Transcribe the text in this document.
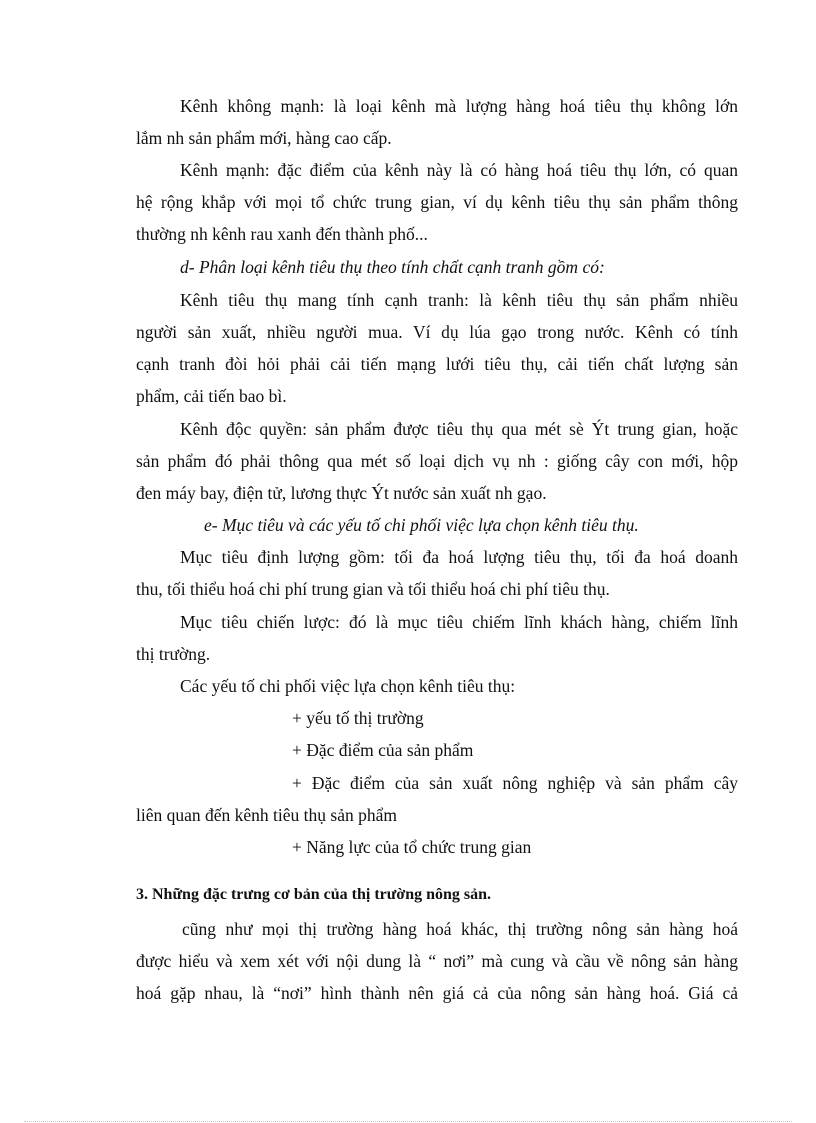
Kênh không mạnh: là loại kênh mà lượng hàng hoá tiêu thụ không lớn
lắm nh sản phẩm mới, hàng cao cấp.
Kênh mạnh: đặc điểm của kênh này là có hàng hoá tiêu thụ lớn, có quan
hệ rộng khắp với mọi tổ chức trung gian, ví dụ kênh tiêu thụ sản phẩm thông
thường nh kênh rau xanh đến thành phố...
d- Phân loại kênh tiêu thụ theo tính chất cạnh tranh gồm có:
Kênh tiêu thụ mang tính cạnh tranh: là kênh tiêu thụ sản phẩm nhiều
người sản xuất, nhiều người mua. Ví dụ lúa gạo trong nước. Kênh có tính
cạnh tranh đòi hỏi phải cải tiến mạng lưới tiêu thụ, cải tiến chất lượng sản
phẩm, cải tiến bao bì.
Kênh độc quyền: sản phẩm được tiêu thụ qua mét sè Ýt trung gian, hoặc
sản phẩm đó phải thông qua mét số loại dịch vụ nh : giống cây con mới, hộp
đen máy bay, điện tử, lương thực Ýt nước sản xuất nh gạo.
e- Mục tiêu và các yếu tố chi phối việc lựa chọn kênh tiêu thụ.
Mục tiêu định lượng gồm: tối đa hoá lượng tiêu thụ, tối đa hoá doanh
thu, tối thiểu hoá chi phí trung gian và tối thiểu hoá chi phí tiêu thụ.
Mục tiêu chiến lược: đó là mục tiêu chiếm lĩnh khách hàng, chiếm lĩnh
thị trường.
Các yếu tố chi phối việc lựa chọn kênh tiêu thụ:
+ yếu tố thị trường
+ Đặc điểm của sản phẩm
+ Đặc điểm của sản xuất nông nghiệp và sản phẩm cây
liên quan đến kênh tiêu thụ sản phẩm
+ Năng lực của tổ chức trung gian
3. Những đặc trưng cơ bản của thị trường nông sản.
cũng như mọi thị trường hàng hoá khác, thị trường nông sản hàng hoá
được hiểu và xem xét với nội dung là “ nơi” mà cung và cầu về nông sản hàng
hoá gặp nhau, là “nơi” hình thành nên giá cả của nông sản hàng hoá. Giá cả
